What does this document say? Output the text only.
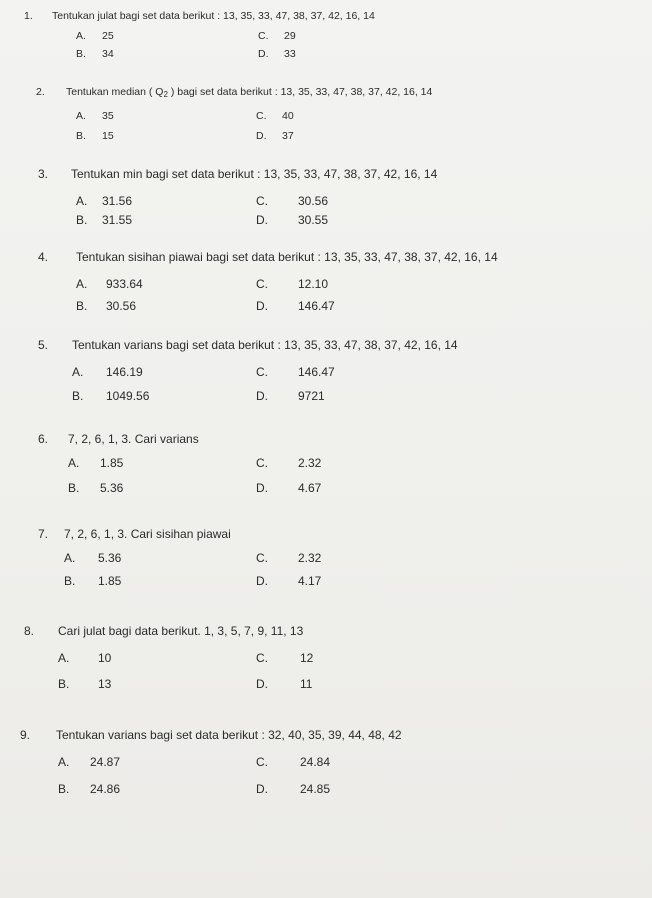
1. Tentukan julat bagi set data berikut : 13, 35, 33, 47, 38, 37, 42, 16, 14
A. 25	C. 29
B. 34	D. 33
2. Tentukan median ( $Q_2$ ) bagi set data berikut : 13, 35, 33, 47, 38, 37, 42, 16, 14
A. 35	C. 40
B. 15	D. 37
3. Tentukan min bagi set data berikut : 13, 35, 33, 47, 38, 37, 42, 16, 14
A. 31.56	C.	30.56
B. 31.55	D.	30.55
4. Tentukan sisihan piawai bagi set data berikut : 13, 35, 33, 47, 38, 37, 42, 16, 14
A. 933.64	C.	12.10
B. 30.56	D.	146.47
5. Tentukan varians bagi set data berikut : 13, 35, 33, 47, 38, 37, 42, 16, 14
A. 146.19	C.	146.47
B. 1049.56	D.	9721
6. 7, 2, 6, 1, 3. Cari varians
A. 1.85	C.	2.32
B. 5.36	D.	4.67
7. 7, 2, 6, 1, 3. Cari sisihan piawai
A. 5.36	C.	2.32
B. 1.85	D.	4.17
8. Cari julat bagi data berikut. 1, 3, 5, 7, 9, 11, 13
A. 10	C.	12
B. 13	D.	11
9. Tentukan varians bagi set data berikut : 32, 40, 35, 39, 44, 48, 42
A. 24.87	C.	24.84
B. 24.86	D.	24.85
